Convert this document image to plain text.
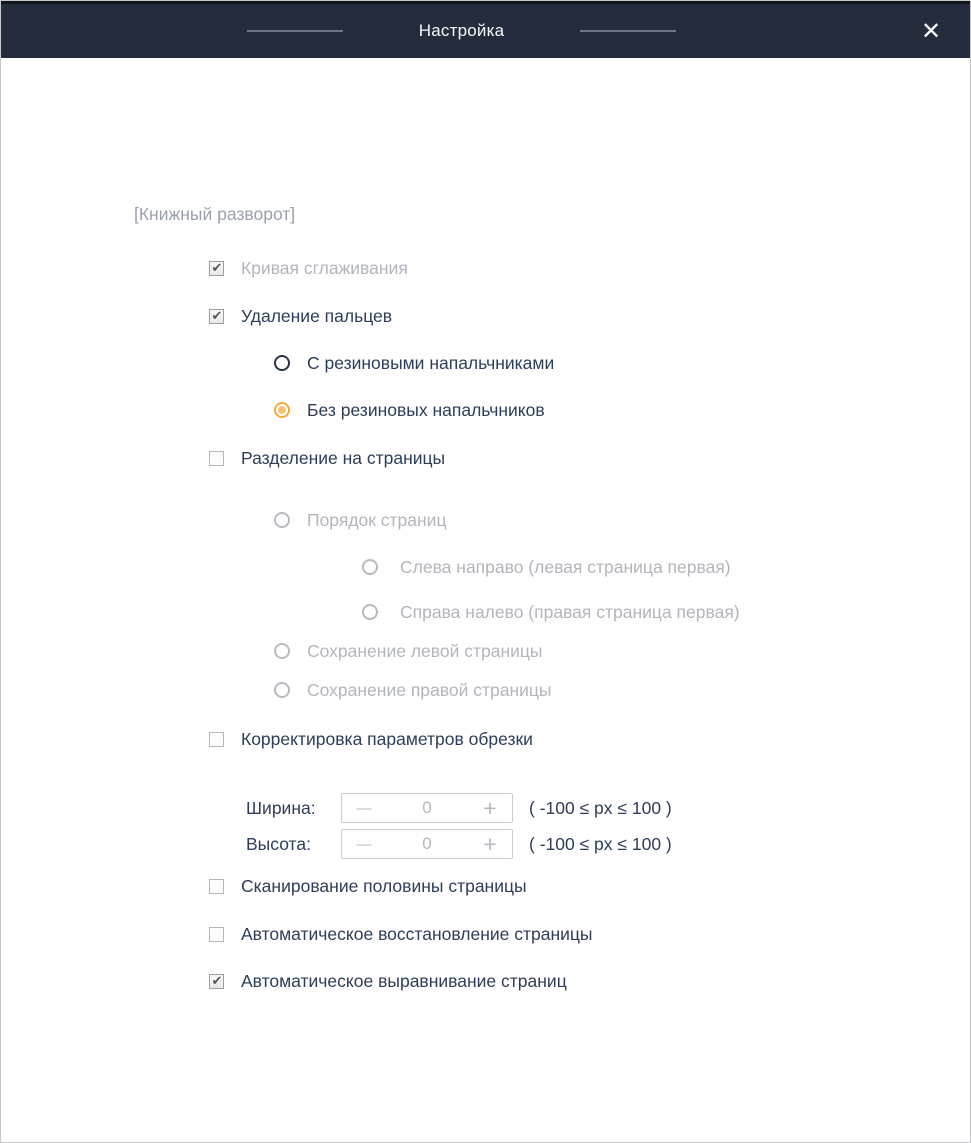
Настройка	✕
[Книжный разворот]
✔ Кривая сглаживания
✔ Удаление пальцев
С резиновыми напальчниками
Без резиновых напальчников
Разделение на страницы
Порядок страниц
Слева направо (левая страница первая)
Справа налево (правая страница первая)
Сохранение левой страницы
Сохранение правой страницы
Корректировка параметров обрезки
Ширина:	—	0	+	( -100 ≤ px ≤ 100 )
Высота:	—	0	+	( -100 ≤ px ≤ 100 )
Сканирование половины страницы
Автоматическое восстановление страницы
✔ Автоматическое выравнивание страниц
